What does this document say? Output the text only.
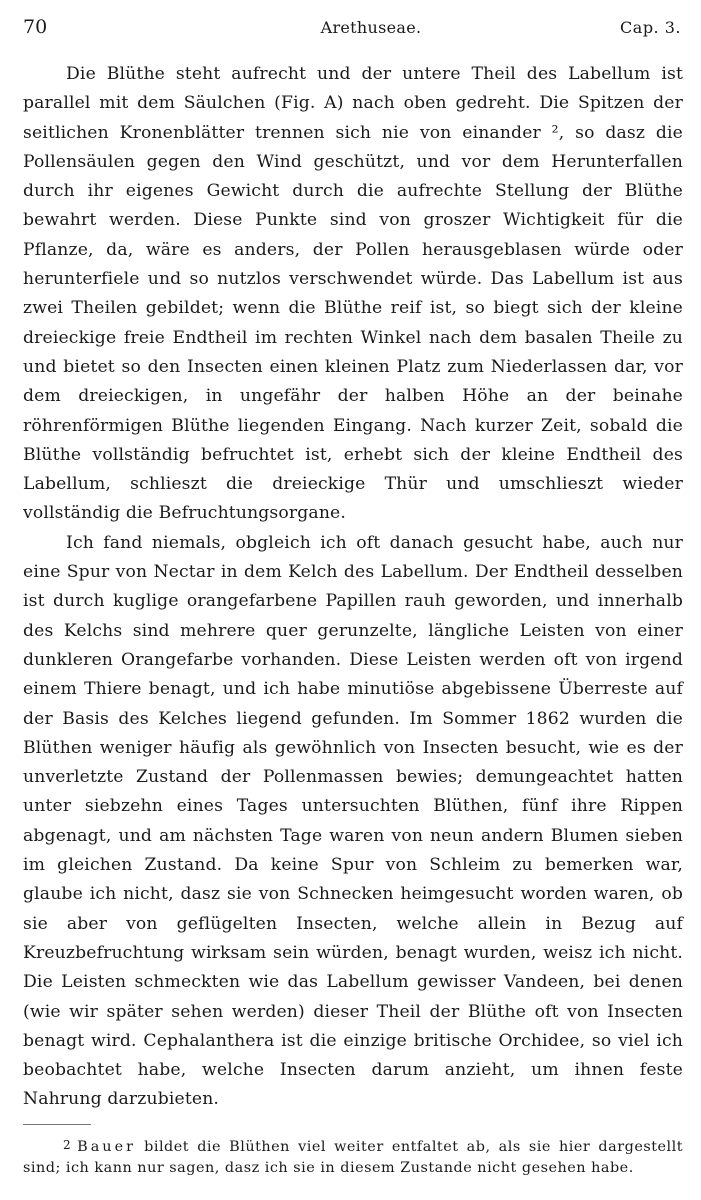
70	Arethuseae.	Cap. 3.

Die Blüthe steht aufrecht und der untere Theil des Labellum ist parallel mit dem Säulchen (Fig. A) nach oben gedreht. Die Spitzen der seitlichen Kronenblätter trennen sich nie von einander ², so dasz die Pollensäulen gegen den Wind geschützt, und vor dem Herunterfallen durch ihr eigenes Gewicht durch die aufrechte Stellung der Blüthe bewahrt werden. Diese Punkte sind von groszer Wichtigkeit für die Pflanze, da, wäre es anders, der Pollen herausgeblasen würde oder herunterfiele und so nutzlos verschwendet würde. Das Labellum ist aus zwei Theilen gebildet; wenn die Blüthe reif ist, so biegt sich der kleine dreieckige freie Endtheil im rechten Winkel nach dem basalen Theile zu und bietet so den Insecten einen kleinen Platz zum Niederlassen dar, vor dem dreieckigen, in ungefähr der halben Höhe an der beinahe röhrenförmigen Blüthe liegenden Eingang. Nach kurzer Zeit, sobald die Blüthe vollständig befruchtet ist, erhebt sich der kleine Endtheil des Labellum, schlieszt die dreieckige Thür und umschlieszt wieder vollständig die Befruchtungsorgane.

Ich fand niemals, obgleich ich oft danach gesucht habe, auch nur eine Spur von Nectar in dem Kelch des Labellum. Der Endtheil desselben ist durch kuglige orangefarbene Papillen rauh geworden, und innerhalb des Kelchs sind mehrere quer gerunzelte, längliche Leisten von einer dunkleren Orangefarbe vorhanden. Diese Leisten werden oft von irgend einem Thiere benagt, und ich habe minutiöse abgebissene Überreste auf der Basis des Kelches liegend gefunden. Im Sommer 1862 wurden die Blüthen weniger häufig als gewöhnlich von Insecten besucht, wie es der unverletzte Zustand der Pollenmassen bewies; demungeachtet hatten unter siebzehn eines Tages untersuchten Blüthen, fünf ihre Rippen abgenagt, und am nächsten Tage waren von neun andern Blumen sieben im gleichen Zustand. Da keine Spur von Schleim zu bemerken war, glaube ich nicht, dasz sie von Schnecken heimgesucht worden waren, ob sie aber von geflügelten Insecten, welche allein in Bezug auf Kreuzbefruchtung wirksam sein würden, benagt wurden, weisz ich nicht. Die Leisten schmeckten wie das Labellum gewisser Vandeen, bei denen (wie wir später sehen werden) dieser Theil der Blüthe oft von Insecten benagt wird. Cephalanthera ist die einzige britische Orchidee, so viel ich beobachtet habe, welche Insecten darum anzieht, um ihnen feste Nahrung darzubieten.

2 Bauer bildet die Blüthen viel weiter entfaltet ab, als sie hier dargestellt sind; ich kann nur sagen, dasz ich sie in diesem Zustande nicht gesehen habe.
